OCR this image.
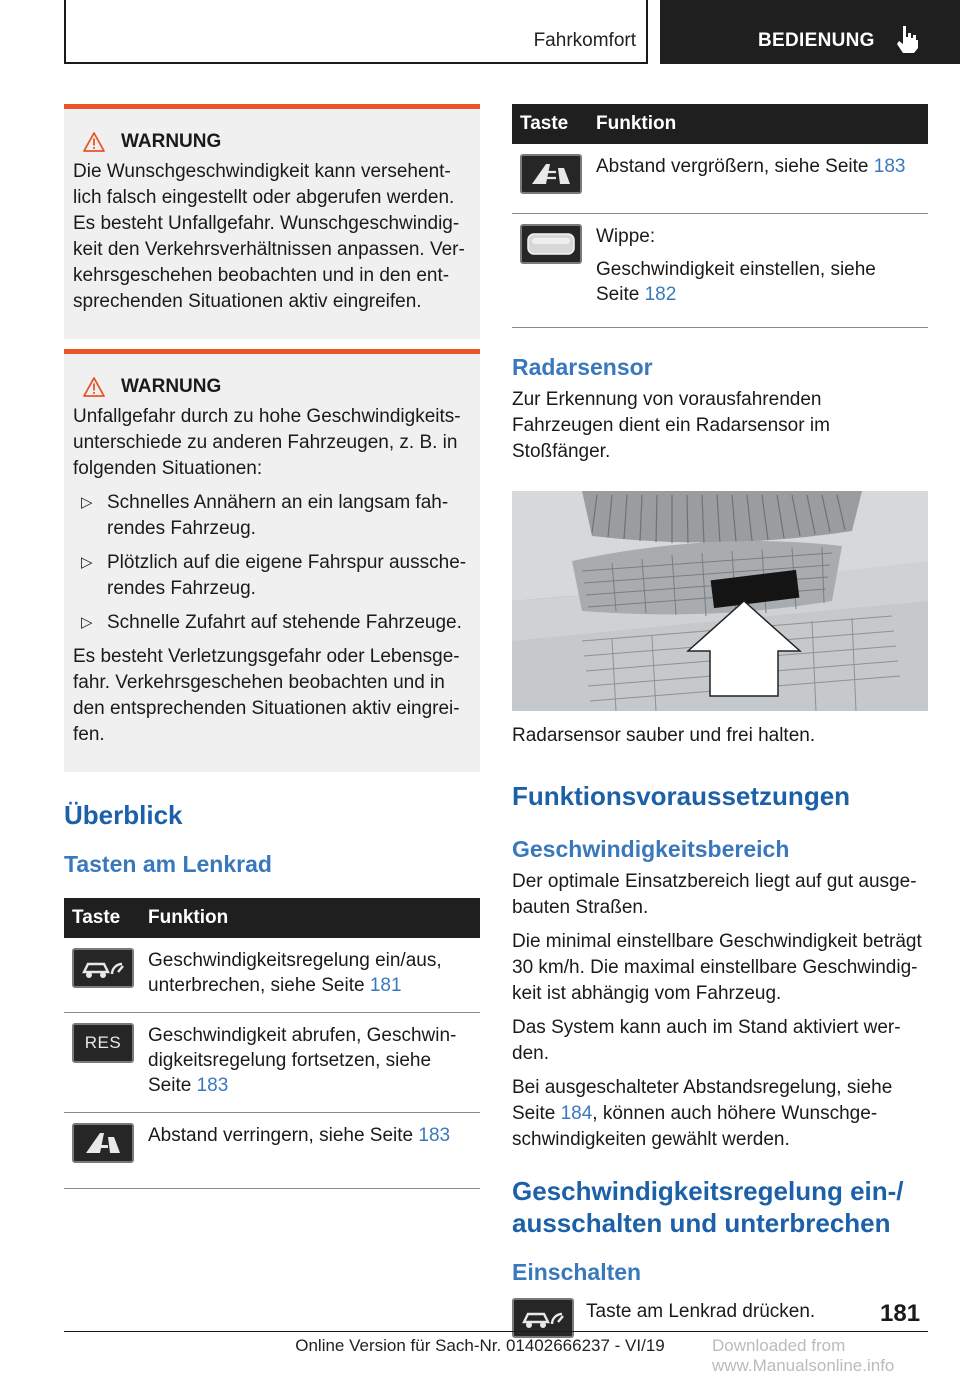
Fahrkomfort	BEDIENUNG
WARNUNG

Die Wunschgeschwindigkeit kann versehentlich falsch eingestellt oder abgerufen werden. Es besteht Unfallgefahr. Wunschgeschwindigkeit den Verkehrsverhältnissen anpassen. Verkehrsgeschehen beobachten und in den entsprechenden Situationen aktiv eingreifen.

WARNUNG

Unfallgefahr durch zu hohe Geschwindigkeitsunterschiede zu anderen Fahrzeugen, z. B. in folgenden Situationen:

▷ Schnelles Annähern an ein langsam fahrendes Fahrzeug.
▷ Plötzlich auf die eigene Fahrspur ausscherendes Fahrzeug.
▷ Schnelle Zufahrt auf stehende Fahrzeuge.

Es besteht Verletzungsgefahr oder Lebensgefahr. Verkehrsgeschehen beobachten und in den entsprechenden Situationen aktiv eingreifen.

Überblick
Tasten am Lenkrad
Taste	Funktion

	Geschwindigkeitsregelung ein/aus, unterbrechen, siehe Seite 181

RES	Geschwindigkeit abrufen, Geschwindigkeitsregelung fortsetzen, siehe Seite 183

	Abstand verringern, siehe Seite 183
Taste	Funktion

	Abstand vergrößern, siehe Seite 183

Wippe:

Geschwindigkeit einstellen, siehe Seite 182

Radarsensor

Zur Erkennung von vorausfahrenden Fahrzeugen dient ein Radarsensor im Stoßfänger.

Radarsensor sauber und frei halten.

Funktionsvoraussetzungen
Geschwindigkeitsbereich

Der optimale Einsatzbereich liegt auf gut ausgebauten Straßen.

Die minimal einstellbare Geschwindigkeit beträgt 30 km/h. Die maximal einstellbare Geschwindigkeit ist abhängig vom Fahrzeug.

Das System kann auch im Stand aktiviert werden.

Bei ausgeschalteter Abstandsregelung, siehe Seite 184, können auch höhere Wunschgeschwindigkeiten gewählt werden.

Geschwindigkeitsregelung ein-/ ausschalten und unterbrechen
Einschalten
Taste am Lenkrad drücken.	181
Online Version für Sach-Nr. 01402666237 - VI/19	Downloaded from www.Manualsonline.info
